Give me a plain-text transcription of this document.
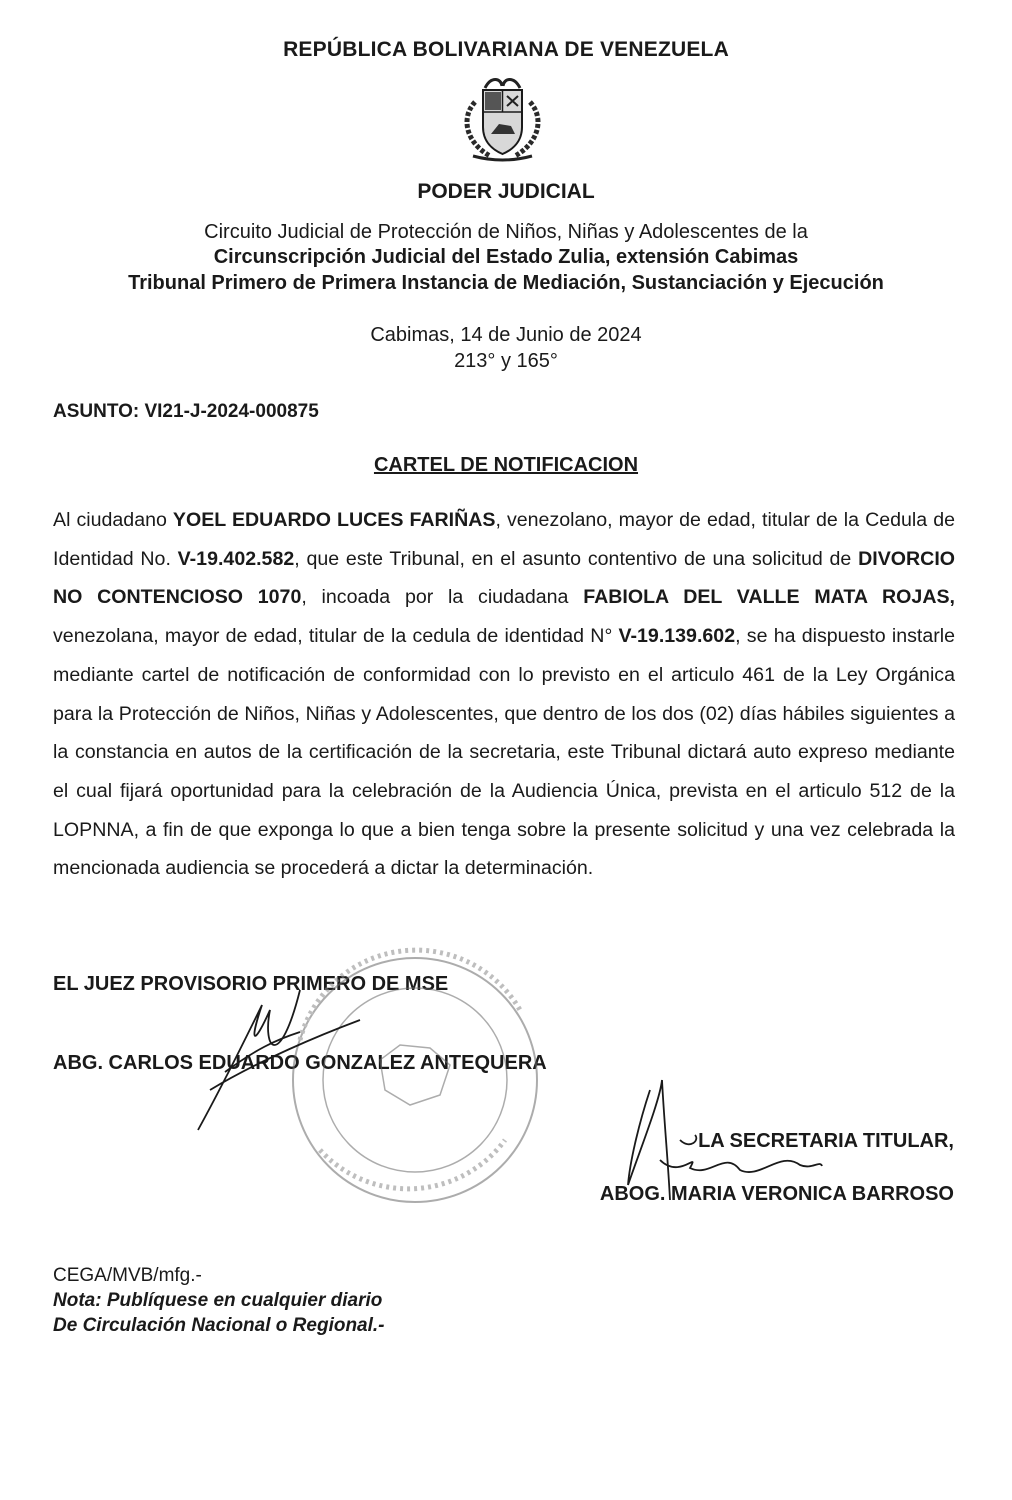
REPÚBLICA BOLIVARIANA DE VENEZUELA
PODER JUDICIAL
Circuito Judicial de Protección de Niños, Niñas y Adolescentes de la
Circunscripción Judicial del Estado Zulia, extensión Cabimas
Tribunal Primero de Primera Instancia de Mediación, Sustanciación y Ejecución
Cabimas, 14 de Junio de 2024
213° y 165°
ASUNTO: VI21-J-2024-000875
CARTEL DE NOTIFICACION
Al ciudadano YOEL EDUARDO LUCES FARIÑAS, venezolano, mayor de edad, titular de la Cedula de Identidad No. V-19.402.582, que este Tribunal, en el asunto contentivo de una solicitud de DIVORCIO NO CONTENCIOSO 1070, incoada por la ciudadana FABIOLA DEL VALLE MATA ROJAS, venezolana, mayor de edad, titular de la cedula de identidad N° V-19.139.602, se ha dispuesto instarle mediante cartel de notificación de conformidad con lo previsto en el articulo 461 de la Ley Orgánica para la Protección de Niños, Niñas y Adolescentes, que dentro de los dos (02) días hábiles siguientes a la constancia en autos de la certificación de la secretaria, este Tribunal dictará auto expreso mediante el cual fijará oportunidad para la celebración de la Audiencia Única, prevista en el articulo 512 de la LOPNNA, a fin de que exponga lo que a bien tenga sobre la presente solicitud y una vez celebrada la mencionada audiencia se procederá a dictar la determinación.
EL JUEZ PROVISORIO PRIMERO DE MSE
ABG. CARLOS EDUARDO GONZALEZ ANTEQUERA
LA SECRETARIA TITULAR,
ABOG. MARIA VERONICA BARROSO
CEGA/MVB/mfg.-
Nota: Publíquese en cualquier diario
De Circulación Nacional o Regional.-
